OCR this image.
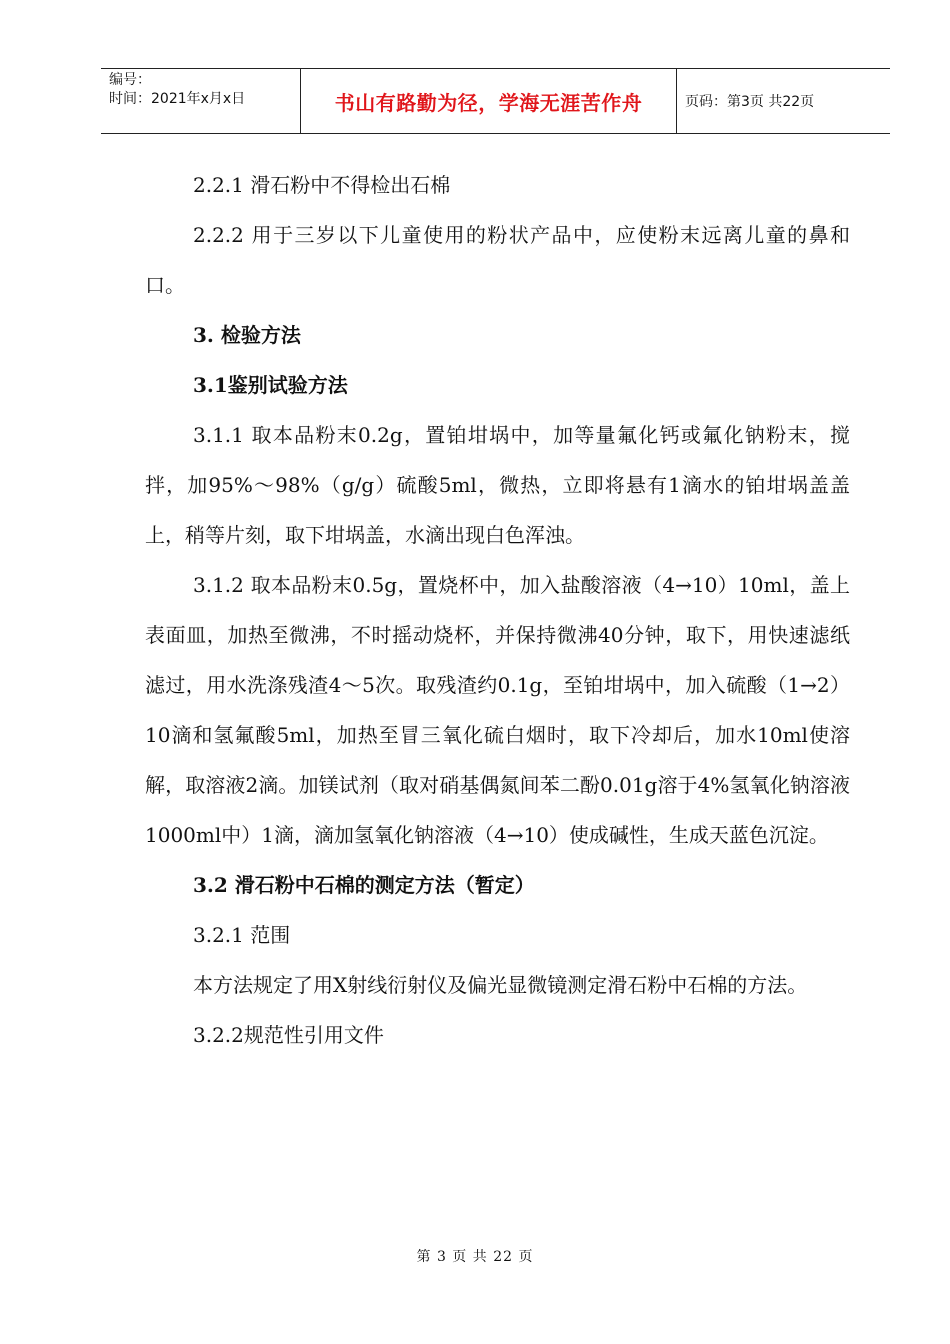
编号：
时间：2021年x月x日	书山有路勤为径，学海无涯苦作舟	页码：第3页 共22页

2.2.1 滑石粉中不得检出石棉

2.2.2 用于三岁以下儿童使用的粉状产品中，应使粉末远离儿童的鼻和口。

3. 检验方法

3.1鉴别试验方法

3.1.1 取本品粉末0.2g，置铂坩埚中，加等量氟化钙或氟化钠粉末，搅拌，加95%～98%（g/g）硫酸5ml，微热，立即将悬有1滴水的铂坩埚盖盖上，稍等片刻，取下坩埚盖，水滴出现白色浑浊。

3.1.2 取本品粉末0.5g，置烧杯中，加入盐酸溶液（4→10）10ml，盖上表面皿，加热至微沸，不时摇动烧杯，并保持微沸40分钟，取下，用快速滤纸滤过，用水洗涤残渣4～5次。取残渣约0.1g，至铂坩埚中，加入硫酸（1→2）10滴和氢氟酸5ml，加热至冒三氧化硫白烟时，取下冷却后，加水10ml使溶解，取溶液2滴。加镁试剂（取对硝基偶氮间苯二酚0.01g溶于4%氢氧化钠溶液1000ml中）1滴，滴加氢氧化钠溶液（4→10）使成碱性，生成天蓝色沉淀。

3.2 滑石粉中石棉的测定方法（暂定）

3.2.1 范围

本方法规定了用X射线衍射仪及偏光显微镜测定滑石粉中石棉的方法。

3.2.2规范性引用文件

第 3 页 共 22 页
